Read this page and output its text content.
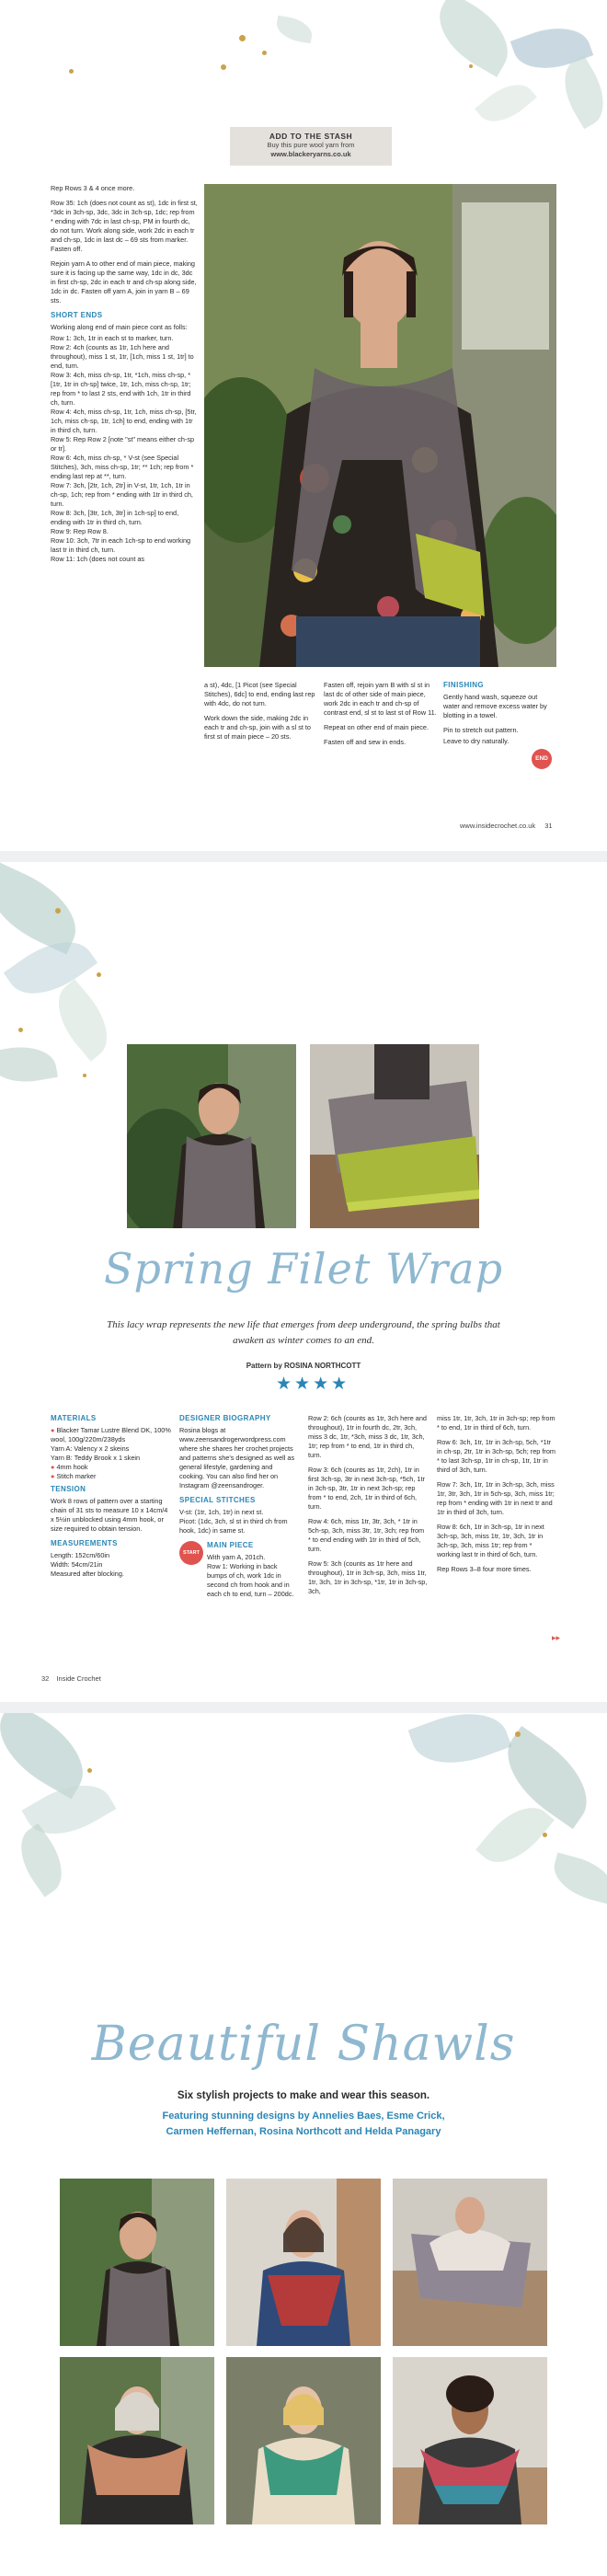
ADD TO THE STASH
Buy this pure wool yarn from
www.blackeryarns.co.uk

Rep Rows 3 & 4 once more.

Row 35: 1ch (does not count as st), 1dc in first st, *3dc in 3ch-sp, 3dc, 3dc in 3ch-sp, 1dc; rep from * ending with 7dc in last ch-sp, PM in fourth dc, do not turn. Work along side, work 2dc in each tr and ch-sp, 1dc in last dc – 69 sts from marker. Fasten off.

Rejoin yarn A to other end of main piece, making sure it is facing up the same way, 1dc in dc, 3dc in first ch-sp, 2dc in each tr and ch-sp along side, 1dc in dc. Fasten off yarn A, join in yarn B – 69 sts.

SHORT ENDS

Working along end of main piece cont as folls:

Row 1: 3ch, 1tr in each st to marker, turn.
Row 2: 4ch (counts as 1tr, 1ch here and throughout), miss 1 st, 1tr, [1ch, miss 1 st, 1tr] to end, turn.
Row 3: 4ch, miss ch-sp, 1tr, *1ch, miss ch-sp, *[1tr, 1tr in ch-sp] twice, 1tr, 1ch, miss ch-sp, 1tr; rep from * to last 2 sts, end with 1ch, 1tr in third ch, turn.
Row 4: 4ch, miss ch-sp, 1tr, 1ch, miss ch-sp, [5tr, 1ch, miss ch-sp, 1tr, 1ch] to end, ending with 1tr in third ch, turn.
Row 5: Rep Row 2 [note "st" means either ch-sp or tr].
Row 6: 4ch, miss ch-sp, * V-st (see Special Stitches), 3ch, miss ch-sp, 1tr; ** 1ch; rep from * ending last rep at **, turn.
Row 7: 3ch, [2tr, 1ch, 2tr] in V-st, 1tr, 1ch, 1tr in ch-sp, 1ch; rep from * ending with 1tr in third ch, turn.
Row 8: 3ch, [3tr, 1ch, 3tr] in 1ch-sp] to end, ending with 1tr in third ch, turn.
Row 9: Rep Row 8.
Row 10: 3ch, 7tr in each 1ch-sp to end working last tr in third ch, turn.
Row 11: 1ch (does not count as

a st), 4dc, [1 Picot (see Special Stitches), 6dc] to end, ending last rep with 4dc, do not turn.

Work down the side, making 2dc in each tr and ch-sp, join with a sl st to first st of main piece – 20 sts.

Fasten off, rejoin yarn B with sl st in last dc of other side of main piece, work 2dc in each tr and ch-sp of contrast end, sl st to last st of Row 11.

Repeat on other end of main piece.

Fasten off and sew in ends.

FINISHING

Gently hand wash, squeeze out water and remove excess water by blotting in a towel.

Pin to stretch out pattern.

Leave to dry naturally.

END
www.insidecrochet.co.uk 31
Spring Filet Wrap
This lacy wrap represents the new life that emerges from deep underground, the spring bulbs that awaken as winter comes to an end.
Pattern by ROSINA NORTHCOTT
★★★★
MATERIALS
● Blacker Tamar Lustre Blend DK, 100% wool, 100g/220m/238yds
Yarn A: Valency x 2 skeins
Yarn B: Teddy Brook x 1 skein
● 4mm hook
● Stitch marker
TENSION

Work 8 rows of pattern over a starting chain of 31 sts to measure 10 x 14cm/4 x 5½in unblocked using 4mm hook, or size required to obtain tension.

MEASUREMENTS
Length: 152cm/60in
Width: 54cm/21in
Measured after blocking.
DESIGNER BIOGRAPHY

Rosina blogs at www.zeensandrogerwordpress.com where she shares her crochet projects and patterns she's designed as well as general lifestyle, gardening and cooking. You can also find her on Instagram @zeensandroger.

SPECIAL STITCHES
V-st: (1tr, 1ch, 1tr) in next st.
Picot: (1dc, 3ch, sl st in third ch from hook, 1dc) in same st.
START
MAIN PIECE
With yarn A, 201ch.
Row 1: Working in back bumps of ch, work 1dc in second ch from hook and in each ch to end, turn – 200dc.

Row 2: 6ch (counts as 1tr, 3ch here and throughout), 1tr in fourth dc, 2tr, 3ch, miss 3 dc, 1tr, *3ch, miss 3 dc, 1tr, 3ch, 1tr; rep from * to end, 1tr in third ch, turn.

Row 3: 6ch (counts as 1tr, 2ch), 1tr in first 3ch-sp, 3tr in next 3ch-sp, *5ch, 1tr in 3ch-sp, 3tr, 1tr in next 3ch-sp; rep from * to end, 2ch, 1tr in third of 6ch, turn.

Row 4: 6ch, miss 1tr, 3tr, 3ch, * 1tr in 5ch-sp, 3ch, miss 3tr, 1tr, 3ch; rep from * to end ending with 1tr in third of 5ch, turn.

Row 5: 3ch (counts as 1tr here and throughout), 1tr in 3ch-sp, 3ch, miss 1tr, 1tr, 3ch, 1tr in 3ch-sp, *1tr, 1tr in 3ch-sp, 3ch,

miss 1tr, 1tr, 3ch, 1tr in 3ch-sp; rep from * to end, 1tr in third of 6ch, turn.

Row 6: 3ch, 1tr, 1tr in 3ch-sp, 5ch, *1tr in ch-sp, 2tr, 1tr in 3ch-sp, 5ch; rep from * to last 3ch-sp, 1tr in ch-sp, 1tr, 1tr in third of 3ch, turn.

Row 7: 3ch, 1tr, 1tr in 3ch-sp, 3ch, miss 1tr, 3tr, 3ch, 1tr in 5ch-sp, 3ch, miss 1tr; rep from * ending with 1tr in next tr and 1tr in third of 3ch, turn.

Row 8: 6ch, 1tr in 3ch-sp, 1tr in next 3ch-sp, 3ch, miss 1tr, 1tr, 3ch, 1tr in 3ch-sp, 3ch, miss 1tr; rep from * working last tr in third of 6ch, turn.

Rep Rows 3–8 four more times.

▸▸
32 Inside Crochet
Beautiful Shawls
Six stylish projects to make and wear this season.
Featuring stunning designs by Annelies Baes, Esme Crick,
Carmen Heffernan, Rosina Northcott and Helda Panagary
